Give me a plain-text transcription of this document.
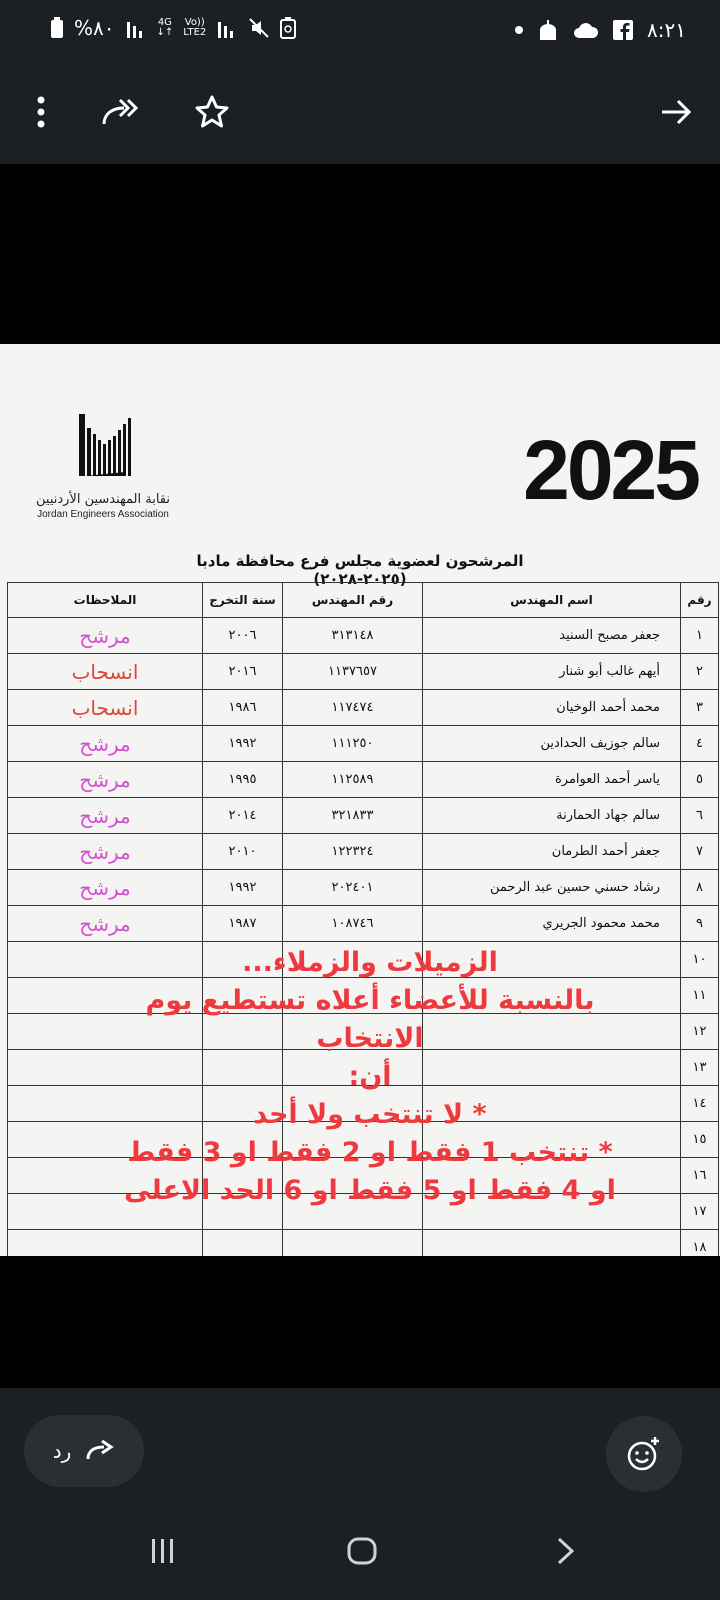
%٨٠	4G
↓↑
Vo))
LTE2	٨:٢١
نقابة المهندسين الأردنيين
Jordan Engineers Association	2025
المرشحون لعضوية مجلس فرع محافظة مادبا (٢٠٢٥-٢٠٢٨)
رقم	اسم المهندس	رقم المهندس	سنة التخرج	الملاحظات
١	جعفر مصبح السنيد	٣١٣١٤٨	٢٠٠٦	مرشح
٢	أيهم غالب أبو شنار	١١٣٧٦٥٧	٢٠١٦	انسحاب
٣	محمد أحمد الوخيان	١١٧٤٧٤	١٩٨٦	انسحاب
٤	سالم جوزيف الحدادين	١١١٢٥٠	١٩٩٢	مرشح
٥	ياسر أحمد العوامرة	١١٢٥٨٩	١٩٩٥	مرشح
٦	سالم جهاد الحمارنة	٣٢١٨٣٣	٢٠١٤	مرشح
٧	جعفر أحمد الطرمان	١٢٢٣٢٤	٢٠١٠	مرشح
٨	رشاد حسني حسين عبد الرحمن	٢٠٢٤٠١	١٩٩٢	مرشح
٩	محمد محمود الجريري	١٠٨٧٤٦	١٩٨٧	مرشح
١٠				
١١				
١٢				
١٣				
١٤				
١٥				
١٦				
١٧				
١٨				
الزميلات والزملاء...
بالنسبة للأعضاء أعلاه تستطيع يوم الانتخاب
أن:
* لا تنتخب ولا أحد
* تنتخب 1 فقط او 2 فقط او 3 فقط
او 4 فقط او 5 فقط او 6 الحد الاعلى
رد
